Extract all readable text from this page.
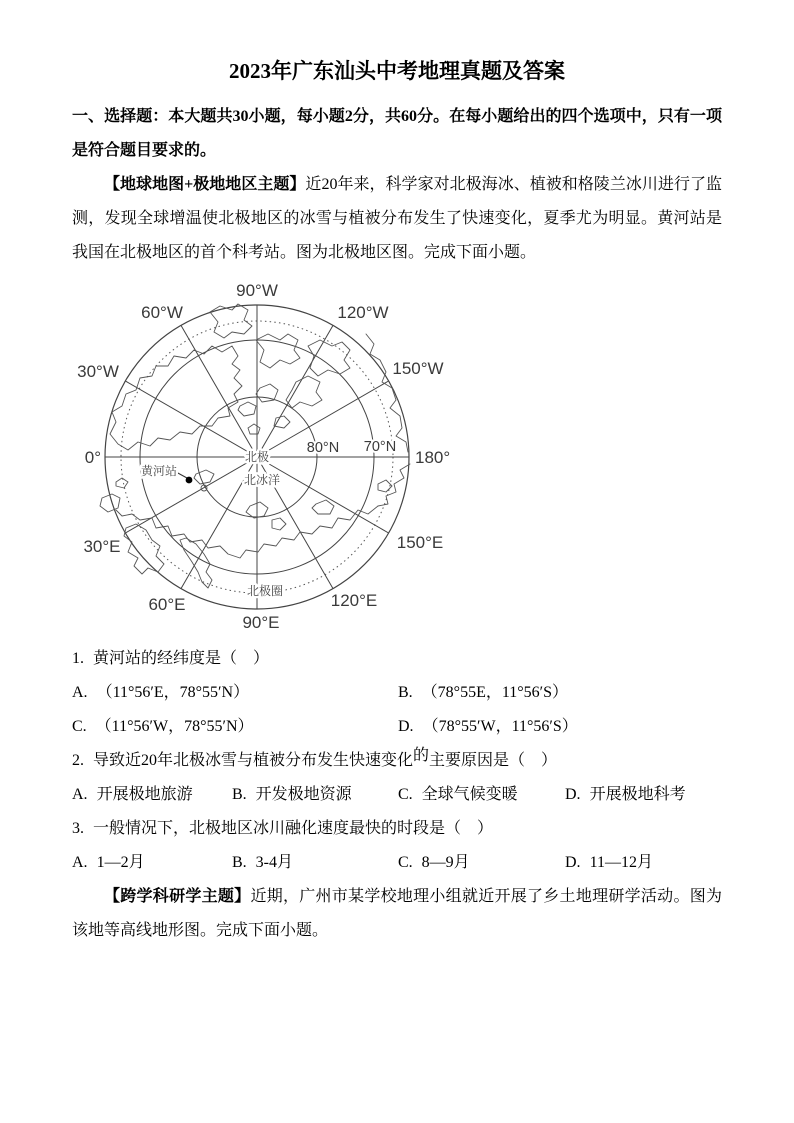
2023年广东汕头中考地理真题及答案

一、选择题：本大题共30小题，每小题2分，共60分。在每小题给出的四个选项中，只有一项是符合题目要求的。

【地球地图+极地地区主题】近20年来，科学家对北极海冰、植被和格陵兰冰川进行了监测，发现全球增温使北极地区的冰雪与植被分布发生了快速变化，夏季尤为明显。黄河站是我国在北极地区的首个科考站。图为北极地区图。完成下面小题。

90°W
60°W	120°W
30°W	150°W
0°	180°
30°E	150°E
60°E	120°E
90°E
80°N 70°N
北极
北冰洋
黄河站
北极圈

1. 黄河站的经纬度是（　）

A. （11°56′E，78°55′N）	B. （78°55E，11°56′S）
C. （11°56′W，78°55′N）	D. （78°55′W，11°56′S）

2. 导致近20年北极冰雪与植被分布发生快速变化的主要原因是（　）

A. 开展极地旅游 B. 开发极地资源	C. 全球气候变暖	D. 开展极地科考

3. 一般情况下，北极地区冰川融化速度最快的时段是（　）

A. 1—2月	B. 3-4月	C. 8—9月	D. 11—12月

【跨学科研学主题】近期，广州市某学校地理小组就近开展了乡土地理研学活动。图为该地等高线地形图。完成下面小题。
